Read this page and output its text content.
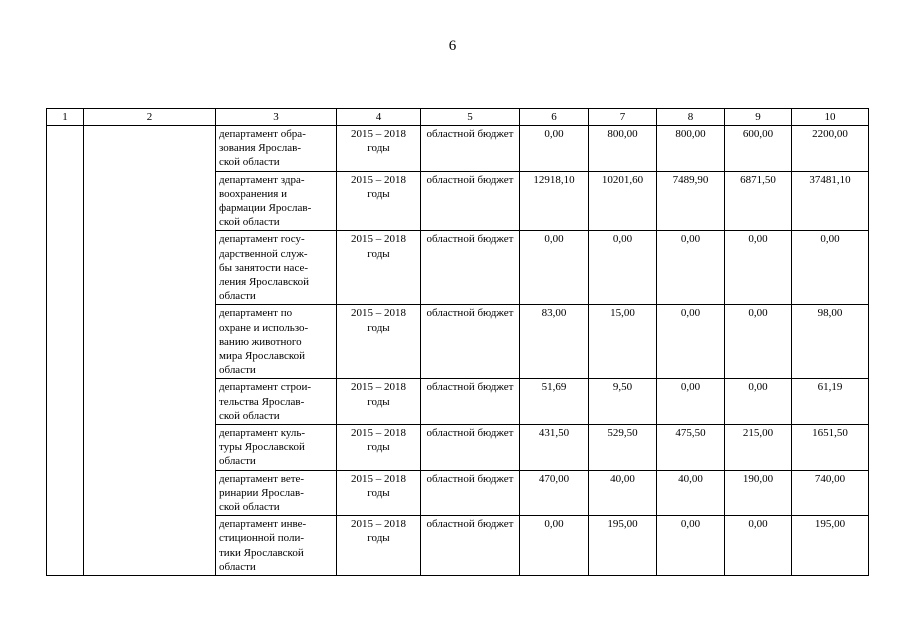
6
1	2	3	4	5	6	7	8	9	10

		департамент обра-
зования Ярослав-
ской области	2015 – 2018 годы	областной бюджет	0,00	800,00	800,00	600,00	2200,00

		департамент здра-
воохранения и
фармации Ярослав-
ской области	2015 – 2018 годы	областной бюджет	12918,10	10201,60	7489,90	6871,50	37481,10

		департамент госу-
дарственной служ-
бы занятости насе-
ления Ярославской
области	2015 – 2018 годы	областной бюджет	0,00	0,00	0,00	0,00	0,00

		департамент по
охране и использо-
ванию животного
мира Ярославской
области	2015 – 2018 годы	областной бюджет	83,00	15,00	0,00	0,00	98,00

		департамент строи-
тельства Ярослав-
ской области	2015 – 2018 годы	областной бюджет	51,69	9,50	0,00	0,00	61,19

		департамент куль-
туры Ярославской
области	2015 – 2018 годы	областной бюджет	431,50	529,50	475,50	215,00	1651,50

		департамент вете-
ринарии Ярослав-
ской области	2015 – 2018 годы	областной бюджет	470,00	40,00	40,00	190,00	740,00

		департамент инве-
стиционной поли-
тики Ярославской
области	2015 – 2018 годы	областной бюджет	0,00	195,00	0,00	0,00	195,00
